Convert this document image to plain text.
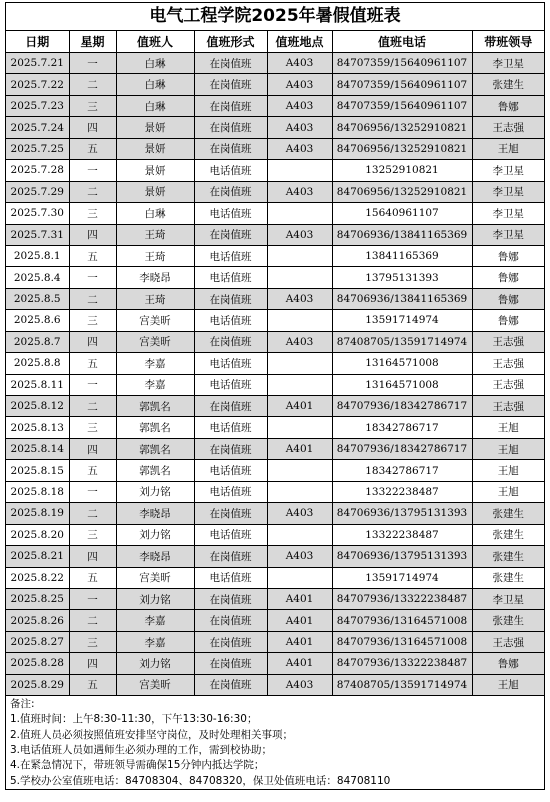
电气工程学院2025年暑假值班表
日期	星期	值班人	值班形式	值班地点	值班电话	带班领导
2025.7.21	一	白琳	在岗值班	A403	84707359/15640961107	李卫星
2025.7.22	二	白琳	在岗值班	A403	84707359/15640961107	张建生
2025.7.23	三	白琳	在岗值班	A403	84707359/15640961107	鲁娜
2025.7.24	四	景妍	在岗值班	A403	84706956/13252910821	王志强
2025.7.25	五	景妍	在岗值班	A403	84706956/13252910821	王旭
2025.7.28	一	景妍	电话值班		13252910821	李卫星
2025.7.29	二	景妍	在岗值班	A403	84706956/13252910821	李卫星
2025.7.30	三	白琳	电话值班		15640961107	李卫星
2025.7.31	四	王琦	在岗值班	A403	84706936/13841165369	李卫星
2025.8.1	五	王琦	电话值班		13841165369	鲁娜
2025.8.4	一	李晓昂	电话值班		13795131393	鲁娜
2025.8.5	二	王琦	在岗值班	A403	84706936/13841165369	鲁娜
2025.8.6	三	宫美昕	电话值班		13591714974	鲁娜
2025.8.7	四	宫美昕	在岗值班	A403	87408705/13591714974	王志强
2025.8.8	五	李嘉	电话值班		13164571008	王志强
2025.8.11	一	李嘉	电话值班		13164571008	王志强
2025.8.12	二	郭凯名	在岗值班	A401	84707936/18342786717	王志强
2025.8.13	三	郭凯名	电话值班		18342786717	王旭
2025.8.14	四	郭凯名	在岗值班	A401	84707936/18342786717	王旭
2025.8.15	五	郭凯名	电话值班		18342786717	王旭
2025.8.18	一	刘力铭	电话值班		13322238487	王旭
2025.8.19	二	李晓昂	在岗值班	A403	84706936/13795131393	张建生
2025.8.20	三	刘力铭	电话值班		13322238487	张建生
2025.8.21	四	李晓昂	在岗值班	A403	84706936/13795131393	张建生
2025.8.22	五	宫美昕	电话值班		13591714974	张建生
2025.8.25	一	刘力铭	在岗值班	A401	84707936/13322238487	李卫星
2025.8.26	二	李嘉	在岗值班	A401	84707936/13164571008	张建生
2025.8.27	三	李嘉	在岗值班	A401	84707936/13164571008	王志强
2025.8.28	四	刘力铭	在岗值班	A401	84707936/13322238487	鲁娜
2025.8.29	五	宫美昕	在岗值班	A403	87408705/13591714974	王旭
备注:
1.值班时间：上午8:30-11:30，下午13:30-16:30；
2.值班人员必须按照值班安排坚守岗位，及时处理相关事项；
3.电话值班人员如遇师生必须办理的工作，需到校协助；
4.在紧急情况下，带班领导需确保15分钟内抵达学院；
5.学校办公室值班电话：84708304、84708320，保卫处值班电话：84708110
